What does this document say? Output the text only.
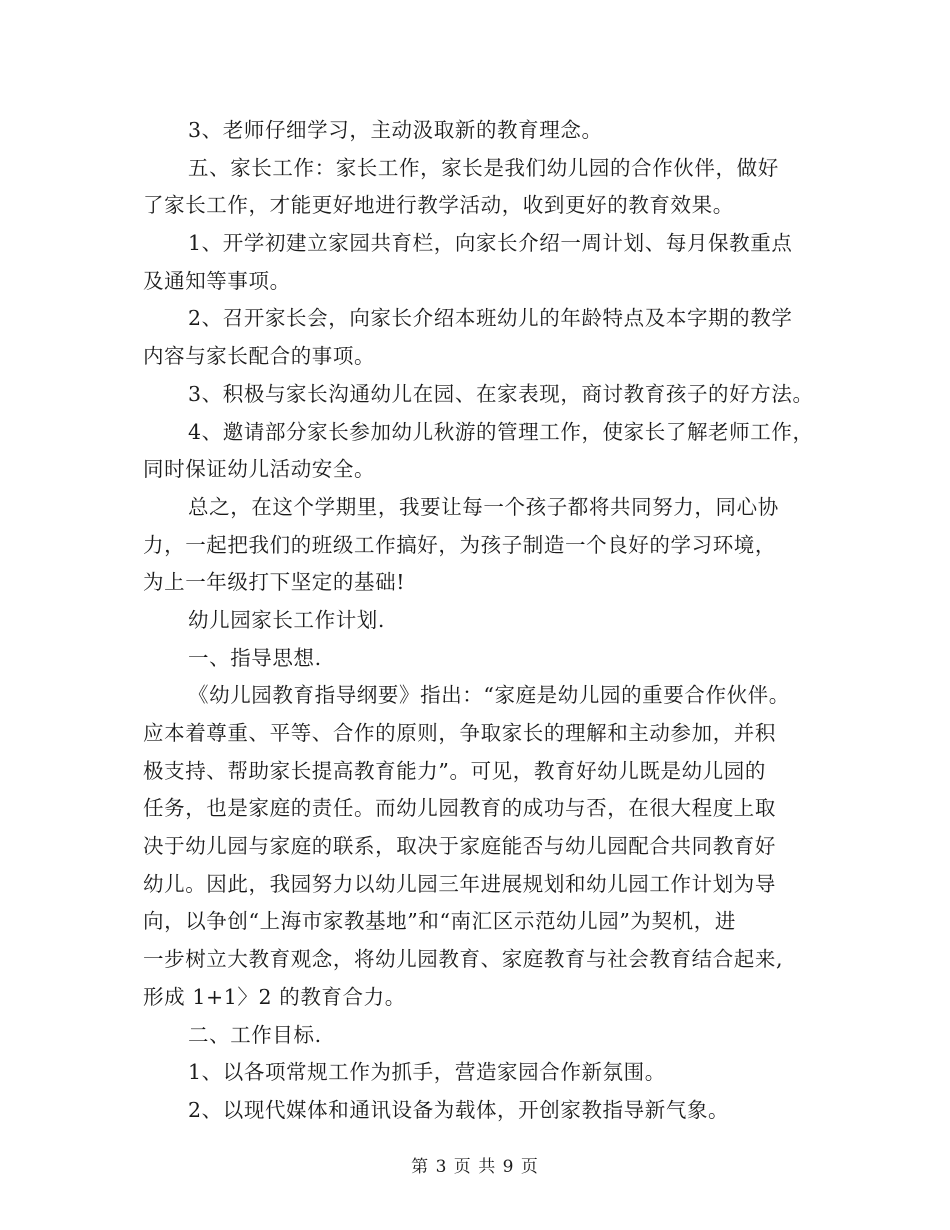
3、老师仔细学习，主动汲取新的教育理念。
五、家长工作：家长工作，家长是我们幼儿园的合作伙伴，做好
了家长工作，才能更好地进行教学活动，收到更好的教育效果。
1、开学初建立家园共育栏，向家长介绍一周计划、每月保教重点
及通知等事项。
2、召开家长会，向家长介绍本班幼儿的年龄特点及本字期的教学
内容与家长配合的事项。
3、积极与家长沟通幼儿在园、在家表现，商讨教育孩子的好方法。
4、邀请部分家长参加幼儿秋游的管理工作，使家长了解老师工作，
同时保证幼儿活动安全。
总之，在这个学期里，我要让每一个孩子都将共同努力，同心协
力，一起把我们的班级工作搞好，为孩子制造一个良好的学习环境，
为上一年级打下坚定的基础!
幼儿园家长工作计划.
一、指导思想.
《幼儿园教育指导纲要》指出：“家庭是幼儿园的重要合作伙伴。
应本着尊重、平等、合作的原则，争取家长的理解和主动参加，并积
极支持、帮助家长提高教育能力”。可见，教育好幼儿既是幼儿园的
任务，也是家庭的责任。而幼儿园教育的成功与否，在很大程度上取
决于幼儿园与家庭的联系，取决于家庭能否与幼儿园配合共同教育好
幼儿。因此，我园努力以幼儿园三年进展规划和幼儿园工作计划为导
向，以争创“上海市家教基地”和“南汇区示范幼儿园”为契机，进
一步树立大教育观念，将幼儿园教育、家庭教育与社会教育结合起来,
形成 1+1〉2 的教育合力。
二、工作目标.
1、以各项常规工作为抓手，营造家园合作新氛围。
2、以现代媒体和通讯设备为载体，开创家教指导新气象。
第 3 页 共 9 页
